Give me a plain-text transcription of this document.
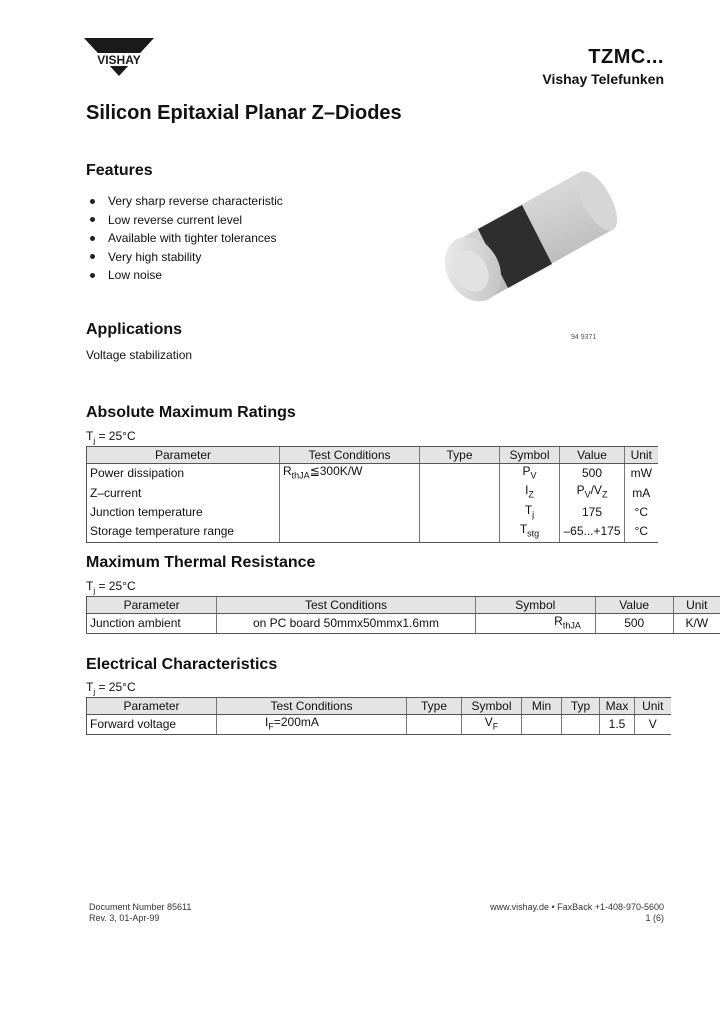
VISHAY	TZMC...
Vishay Telefunken
Silicon Epitaxial Planar Z–Diodes
Features
Very sharp reverse characteristic
Low reverse current level
Available with tighter tolerances
Very high stability
Low noise
94 9371
Applications
Voltage stabilization
Absolute Maximum Ratings
$T_j = 25^\circ C$
Parameter	Test Conditions	Type	Symbol	Value	Unit
Power dissipation	$R_{thJA}≦300K/W$		$P_V$	500	mW
Z–current			$I_Z$	$P_V/V_Z$	mA
Junction temperature			$T_j$	175	°C
Storage temperature range			$T_{stg}$	–65...+175	°C
Maximum Thermal Resistance
$T_j = 25^\circ C$
Parameter	Test Conditions	Symbol	Value	Unit
Junction ambient	on PC board 50mmx50mmx1.6mm	$R_{thJA}$	500	K/W
Electrical Characteristics
$T_j = 25^\circ C$
Parameter	Test Conditions	Type	Symbol	Min	Typ	Max	Unit
Forward voltage	$I_F=200mA$		$V_F$			1.5	V
Document Number 85611
Rev. 3, 01-Apr-99
www.vishay.de • FaxBack +1-408-970-5600
1 (6)
